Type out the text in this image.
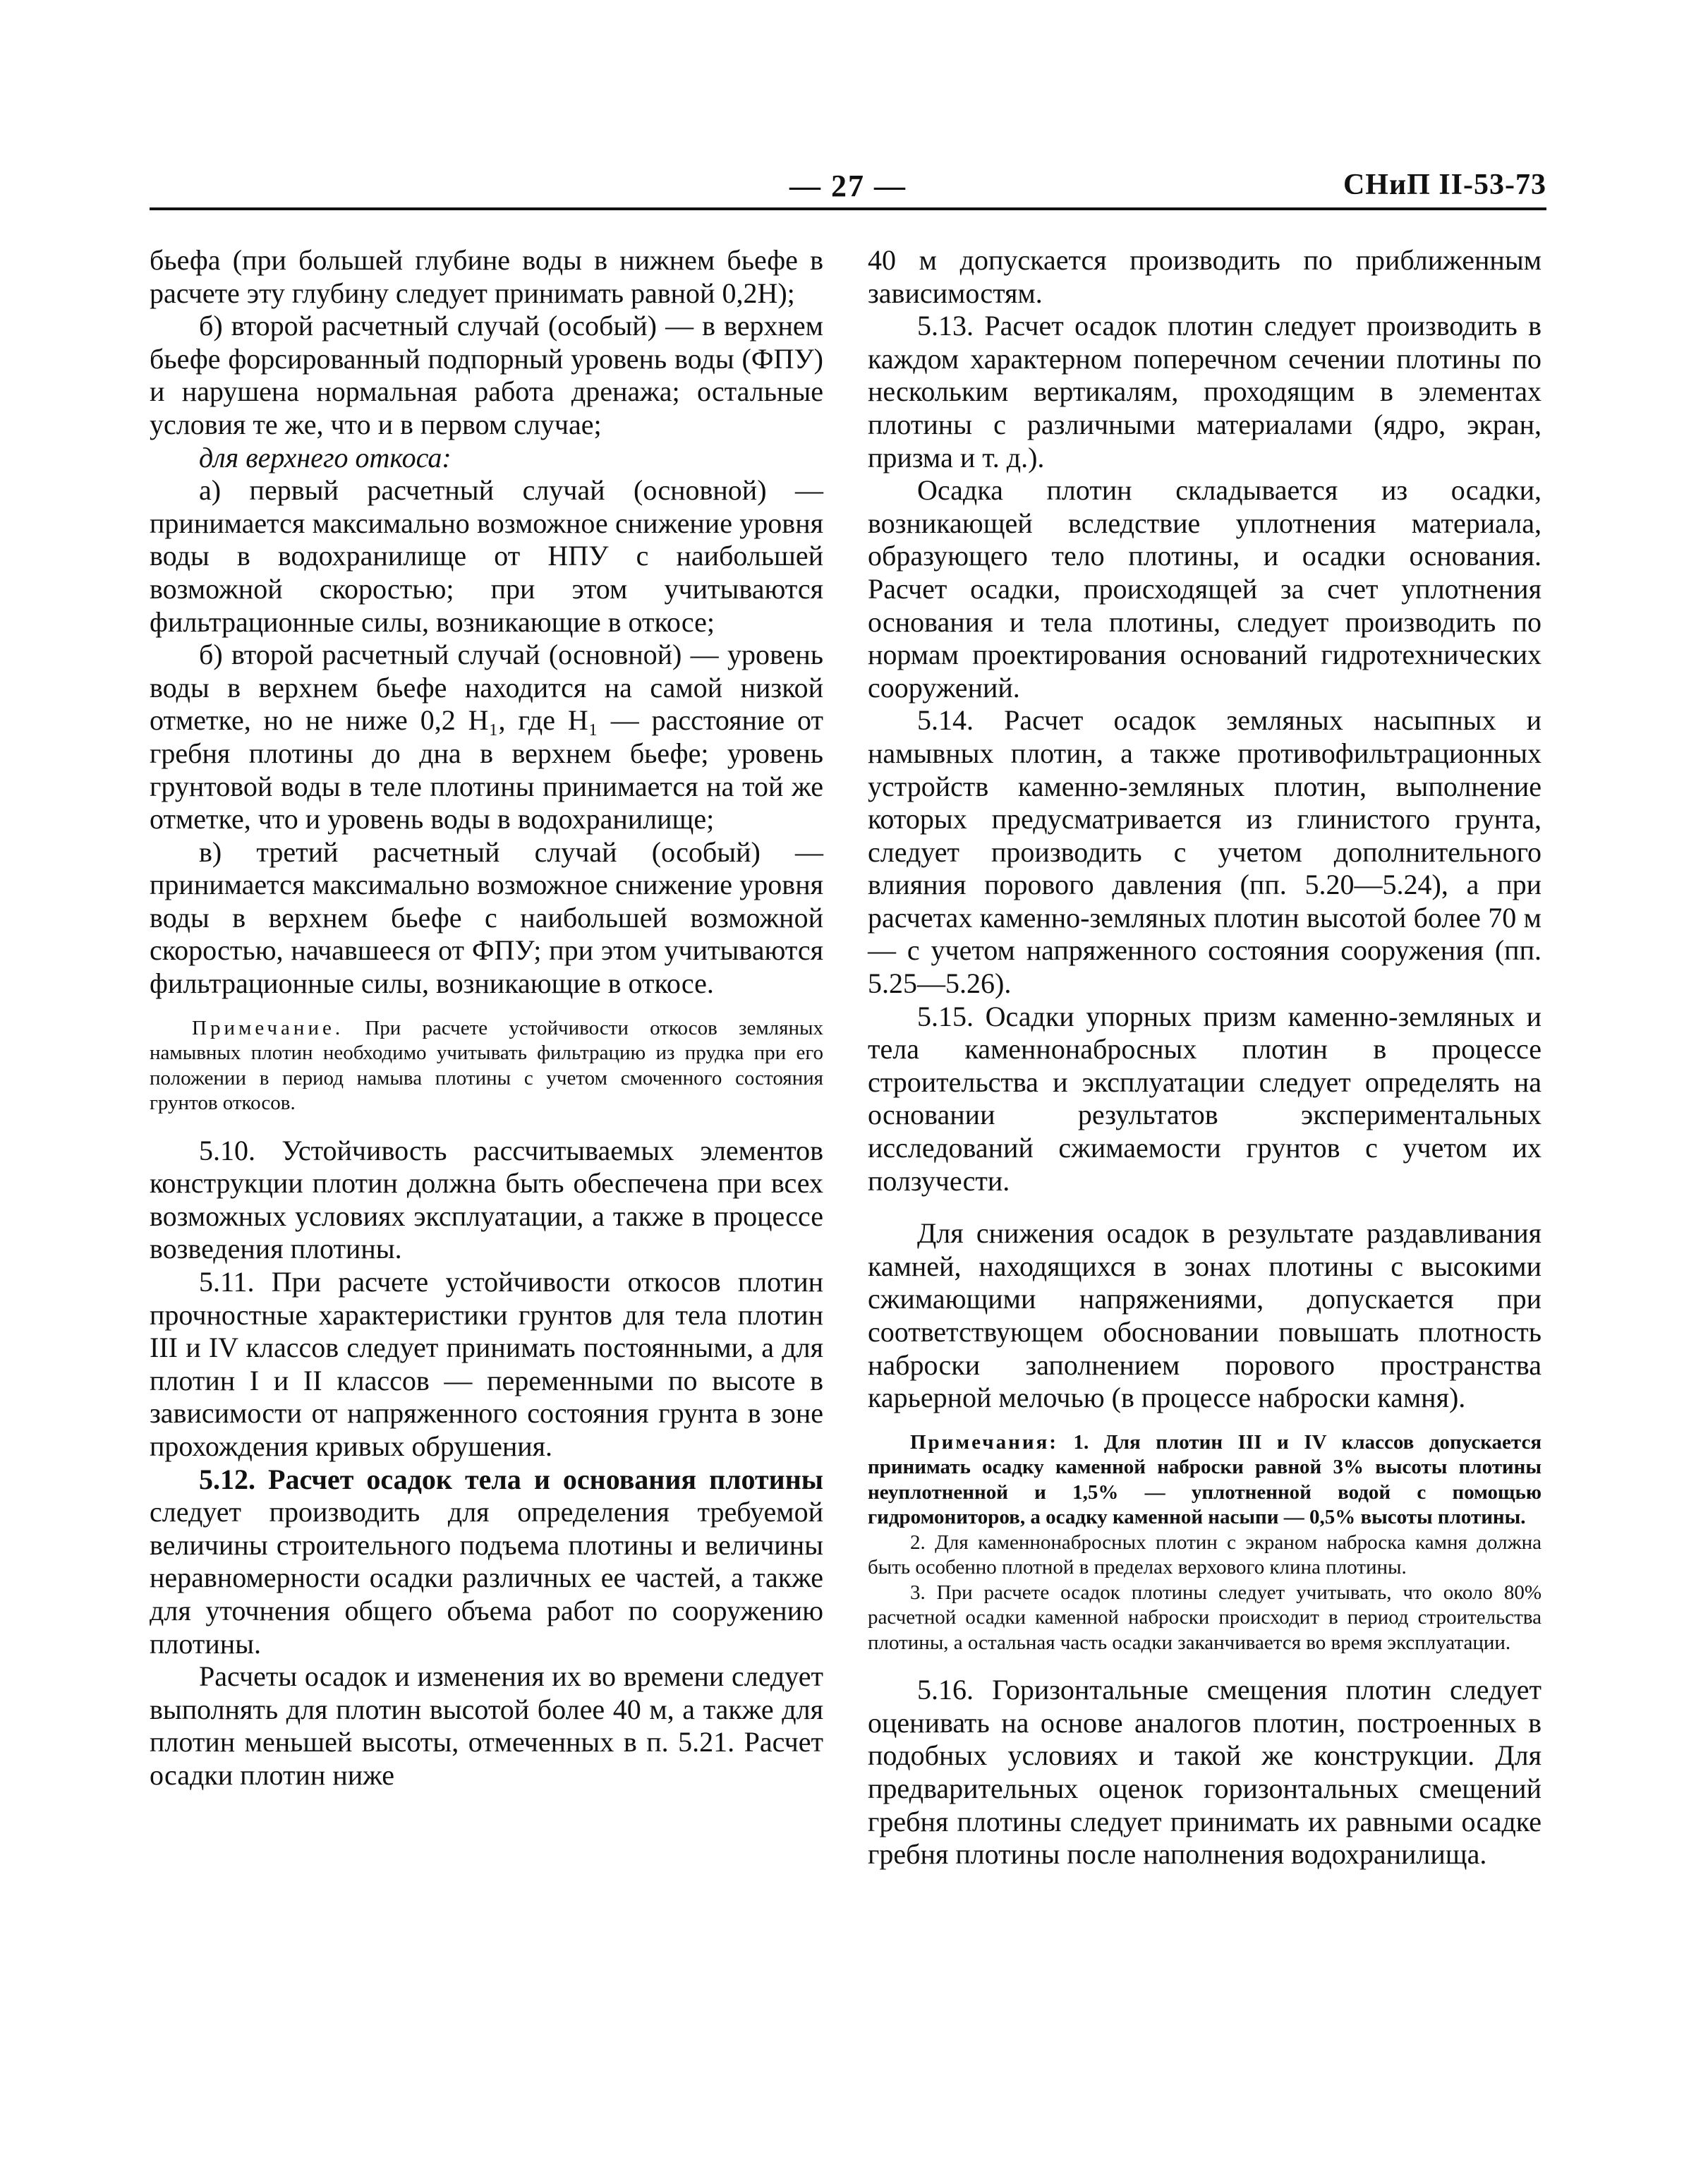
— 27 —	СНиП II-53-73

бьефа (при большей глубине воды в нижнем бьефе в расчете эту глубину следует принимать равной 0,2H);

б) второй расчетный случай (особый) — в верхнем бьефе форсированный подпорный уровень воды (ФПУ) и нарушена нормальная работа дренажа; остальные условия те же, что и в первом случае;

для верхнего откоса:

а) первый расчетный случай (основной) — принимается максимально возможное снижение уровня воды в водохранилище от НПУ с наибольшей возможной скоростью; при этом учитываются фильтрационные силы, возникающие в откосе;

б) второй расчетный случай (основной) — уровень воды в верхнем бьефе находится на самой низкой отметке, но не ниже 0,2 H₁, где H₁ — расстояние от гребня плотины до дна в верхнем бьефе; уровень грунтовой воды в теле плотины принимается на той же отметке, что и уровень воды в водохранилище;

в) третий расчетный случай (особый) — принимается максимально возможное снижение уровня воды в верхнем бьефе с наибольшей возможной скоростью, начавшееся от ФПУ; при этом учитываются фильтрационные силы, возникающие в откосе.

Примечание. При расчете устойчивости откосов земляных намывных плотин необходимо учитывать фильтрацию из прудка при его положении в период намыва плотины с учетом смоченного состояния грунтов откосов.

5.10. Устойчивость рассчитываемых элементов конструкции плотин должна быть обеспечена при всех возможных условиях эксплуатации, а также в процессе возведения плотины.

5.11. При расчете устойчивости откосов плотин прочностные характеристики грунтов для тела плотин III и IV классов следует принимать постоянными, а для плотин I и II классов — переменными по высоте в зависимости от напряженного состояния грунта в зоне прохождения кривых обрушения.

5.12. Расчет осадок тела и основания плотины следует производить для определения требуемой величины строительного подъема плотины и величины неравномерности осадки различных ее частей, а также для уточнения общего объема работ по сооружению плотины.

Расчеты осадок и изменения их во времени следует выполнять для плотин высотой более 40 м, а также для плотин меньшей высоты, отмеченных в п. 5.21. Расчет осадки плотин ниже

40 м допускается производить по приближенным зависимостям.

5.13. Расчет осадок плотин следует производить в каждом характерном поперечном сечении плотины по нескольким вертикалям, проходящим в элементах плотины с различными материалами (ядро, экран, призма и т. д.).

Осадка плотин складывается из осадки, возникающей вследствие уплотнения материала, образующего тело плотины, и осадки основания. Расчет осадки, происходящей за счет уплотнения основания и тела плотины, следует производить по нормам проектирования оснований гидротехнических сооружений.

5.14. Расчет осадок земляных насыпных и намывных плотин, а также противофильтрационных устройств каменно-земляных плотин, выполнение которых предусматривается из глинистого грунта, следует производить с учетом дополнительного влияния порового давления (пп. 5.20—5.24), а при расчетах каменно-земляных плотин высотой более 70 м — с учетом напряженного состояния сооружения (пп. 5.25—5.26).

5.15. Осадки упорных призм каменно-земляных и тела каменнонабросных плотин в процессе строительства и эксплуатации следует определять на основании результатов экспериментальных исследований сжимаемости грунтов с учетом их ползучести.

Для снижения осадок в результате раздавливания камней, находящихся в зонах плотины с высокими сжимающими напряжениями, допускается при соответствующем обосновании повышать плотность наброски заполнением порового пространства карьерной мелочью (в процессе наброски камня).

Примечания: 1. Для плотин III и IV классов допускается принимать осадку каменной наброски равной 3% высоты плотины неуплотненной и 1,5% — уплотненной водой с помощью гидромониторов, а осадку каменной насыпи — 0,5% высоты плотины.

2. Для каменнонабросных плотин с экраном наброска камня должна быть особенно плотной в пределах верхового клина плотины.

3. При расчете осадок плотины следует учитывать, что около 80% расчетной осадки каменной наброски происходит в период строительства плотины, а остальная часть осадки заканчивается во время эксплуатации.

5.16. Горизонтальные смещения плотин следует оценивать на основе аналогов плотин, построенных в подобных условиях и такой же конструкции. Для предварительных оценок горизонтальных смещений гребня плотины следует принимать их равными осадке гребня плотины после наполнения водохранилища.
